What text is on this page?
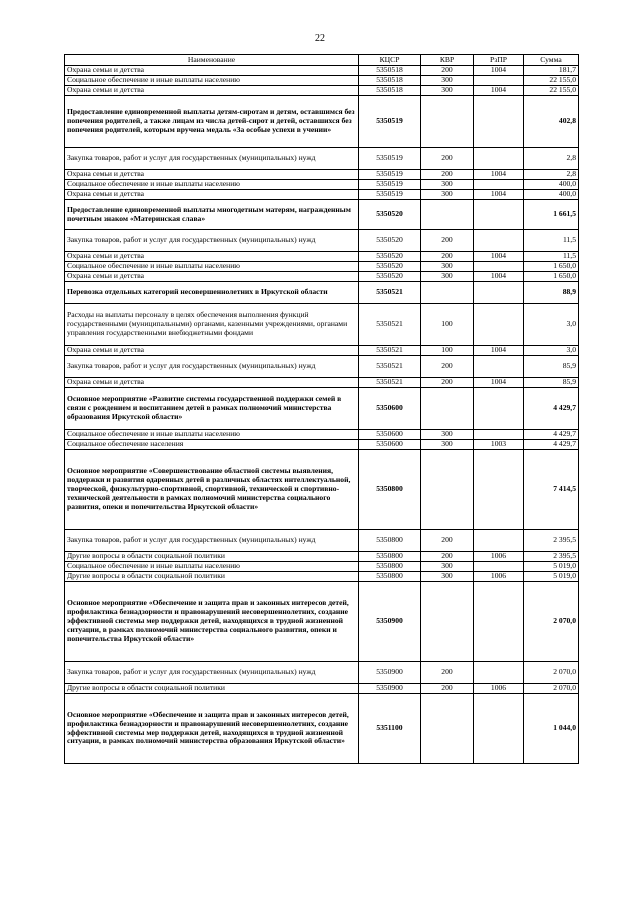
22
Наименование	КЦСР	КВР	РзПР	Сумма
Охрана семьи и детства	5350518	200	1004	181,7
Социальное обеспечение и иные выплаты населению	5350518	300		22 155,0
Охрана семьи и детства	5350518	300	1004	22 155,0
Предоставление единовременной выплаты детям-сиротам и детям, оставшимся без попечения родителей, а также лицам из числа детей-сирот и детей, оставшихся без попечения родителей, которым вручена медаль «За особые успехи в учении»	5350519			402,8
Закупка товаров, работ и услуг для государственных (муниципальных) нужд	5350519	200		2,8
Охрана семьи и детства	5350519	200	1004	2,8
Социальное обеспечение и иные выплаты населению	5350519	300		400,0
Охрана семьи и детства	5350519	300	1004	400,0
Предоставление единовременной выплаты многодетным матерям, награжденным почетным знаком «Материнская слава»	5350520			1 661,5
Закупка товаров, работ и услуг для государственных (муниципальных) нужд	5350520	200		11,5
Охрана семьи и детства	5350520	200	1004	11,5
Социальное обеспечение и иные выплаты населению	5350520	300		1 650,0
Охрана семьи и детства	5350520	300	1004	1 650,0
Перевозка отдельных категорий несовершеннолетних в Иркутской области	5350521			88,9
Расходы на выплаты персоналу в целях обеспечения выполнения функций государственными (муниципальными) органами, казенными учреждениями, органами управления государственными внебюджетными фондами	5350521	100		3,0
Охрана семьи и детства	5350521	100	1004	3,0
Закупка товаров, работ и услуг для государственных (муниципальных) нужд	5350521	200		85,9
Охрана семьи и детства	5350521	200	1004	85,9
Основное мероприятие «Развитие системы государственной поддержки семей в связи с рождением и воспитанием детей в рамках полномочий министерства образования Иркутской области»	5350600			4 429,7
Социальное обеспечение и иные выплаты населению	5350600	300		4 429,7
Социальное обеспечение населения	5350600	300	1003	4 429,7
Основное мероприятие «Совершенствование областной системы выявления, поддержки и развития одаренных детей в различных областях интеллектуальной, творческой, физкультурно-спортивной, спортивной, технической и спортивно-технической деятельности в рамках полномочий министерства социального развития, опеки и попечительства Иркутской области»	5350800			7 414,5
Закупка товаров, работ и услуг для государственных (муниципальных) нужд	5350800	200		2 395,5
Другие вопросы в области социальной политики	5350800	200	1006	2 395,5
Социальное обеспечение и иные выплаты населению	5350800	300		5 019,0
Другие вопросы в области социальной политики	5350800	300	1006	5 019,0
Основное мероприятие «Обеспечение и защита прав и законных интересов детей, профилактика безнадзорности и правонарушений несовершеннолетних, создание эффективной системы мер поддержки детей, находящихся в трудной жизненной ситуации, в рамках полномочий министерства социального развития, опеки и попечительства Иркутской области»	5350900			2 070,0
Закупка товаров, работ и услуг для государственных (муниципальных) нужд	5350900	200		2 070,0
Другие вопросы в области социальной политики	5350900	200	1006	2 070,0
Основное мероприятие «Обеспечение и защита прав и законных интересов детей, профилактика безнадзорности и правонарушений несовершеннолетних, создание эффективной системы мер поддержки детей, находящихся в трудной жизненной ситуации, в рамках полномочий министерства образования Иркутской области»	5351100			1 044,0
